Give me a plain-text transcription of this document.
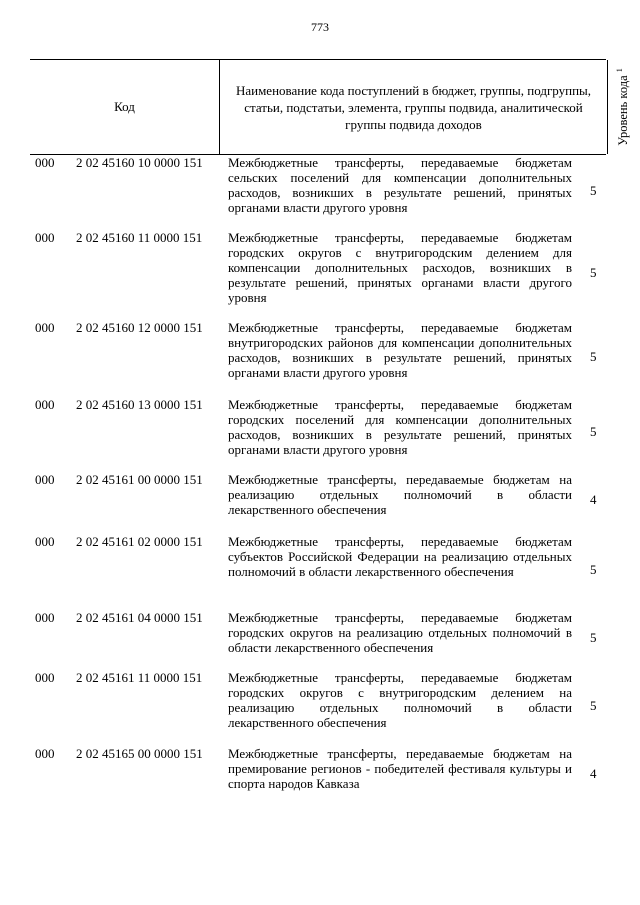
773
Код
Наименование кода поступлений в бюджет, группы, подгруппы, статьи, подстатьи, элемента, группы подвида, аналитической группы подвида доходов	Уровень кода $^1$
000 2 02 45160 10 0000 151 Межбюджетные трансферты, передаваемые бюджетам сельских поселений для компенсации дополнительных расходов, возникших в результате решений, принятых органами власти другого уровня
5
000 2 02 45160 11 0000 151 Межбюджетные трансферты, передаваемые бюджетам городских округов с внутригородским делением для компенсации дополнительных расходов, возникших в результате решений, принятых органами власти другого уровня
5
000 2 02 45160 12 0000 151 Межбюджетные трансферты, передаваемые бюджетам внутригородских районов для компенсации дополнительных расходов, возникших в результате решений, принятых органами власти другого уровня
5
000 2 02 45160 13 0000 151 Межбюджетные трансферты, передаваемые бюджетам городских поселений для компенсации дополнительных расходов, возникших в результате решений, принятых органами власти другого уровня
5
000 2 02 45161 00 0000 151 Межбюджетные трансферты, передаваемые бюджетам на реализацию отдельных полномочий в области лекарственного обеспечения
4
000 2 02 45161 02 0000 151 Межбюджетные трансферты, передаваемые бюджетам субъектов Российской Федерации на реализацию отдельных полномочий в области лекарственного обеспечения	5
000 2 02 45161 04 0000 151 Межбюджетные трансферты, передаваемые бюджетам городских округов на реализацию отдельных полномочий в области лекарственного обеспечения
5
000 2 02 45161 11 0000 151 Межбюджетные трансферты, передаваемые бюджетам городских округов с внутригородским делением на реализацию отдельных полномочий в области лекарственного обеспечения
5
000 2 02 45165 00 0000 151 Межбюджетные трансферты, передаваемые бюджетам на премирование регионов - победителей фестиваля культуры и спорта народов Кавказа
4
